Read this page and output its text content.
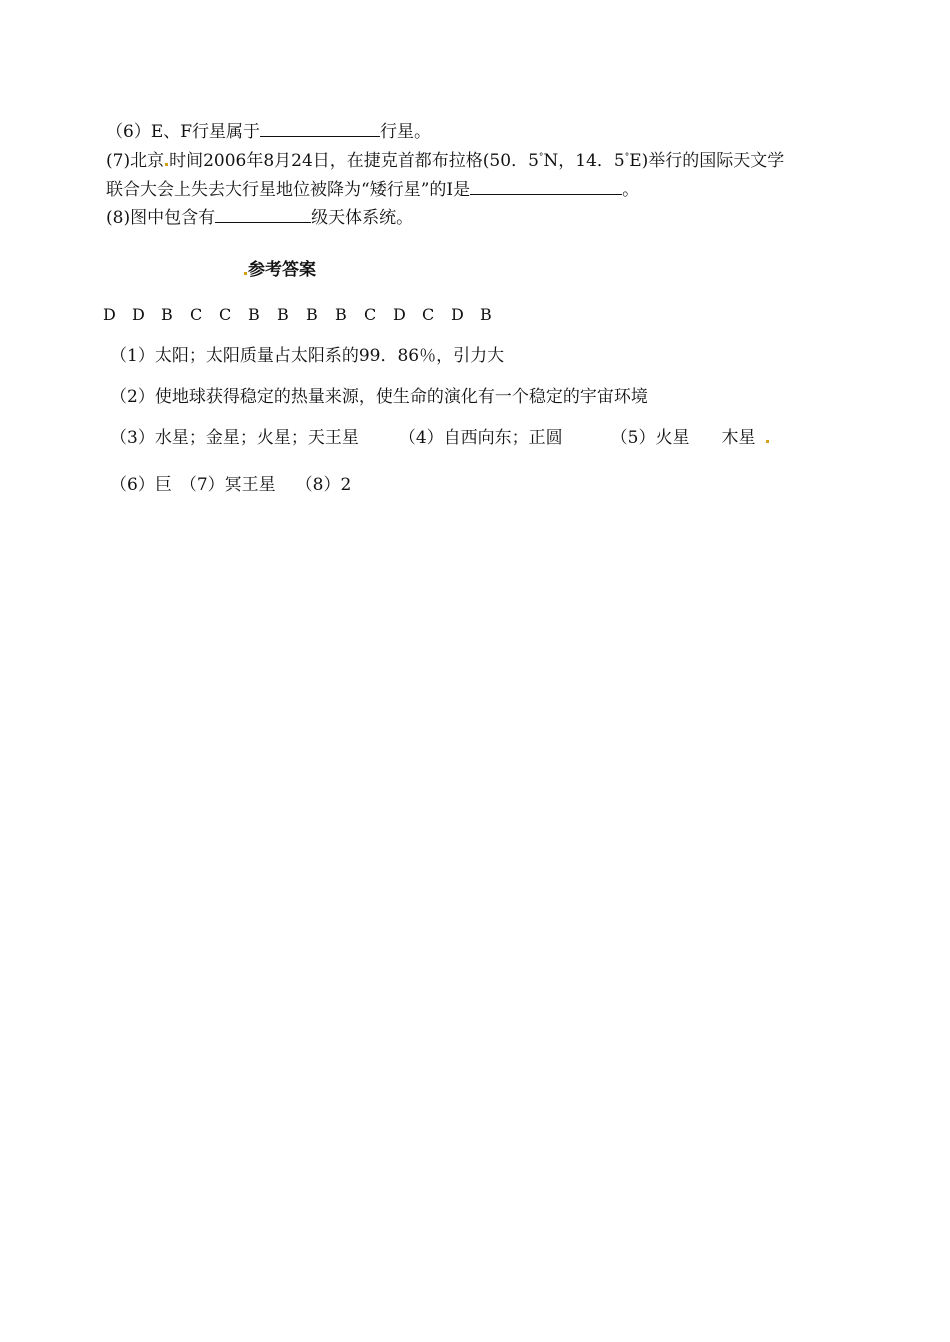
（6）E、F行星属于	行星。
(7)北京 时间2006年8月24日，在捷克首都布拉格(50．5°N，14．5°E)举行的国际天文学
联合大会上失去大行星地位被降为“矮行星”的I是	。
(8)图中包含有	级天体系统。
参考答案
D D B C C B B B B C D C D B
（1）太阳；太阳质量占太阳系的99．86％，引力大
（2）使地球获得稳定的热量来源，使生命的演化有一个稳定的宇宙环境
（3）水星；金星；火星；天王星 （4）自西向东；正圆	（5）火星 木星
（6）巨 （7）冥王星 （8）2
